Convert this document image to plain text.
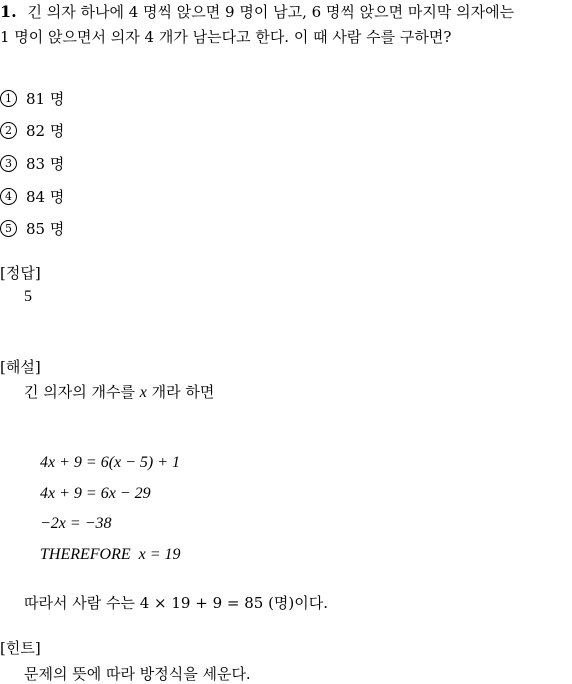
1. 긴 의자 하나에 4 명씩 앉으면 9 명이 남고, 6 명씩 앉으면 마지막 의자에는
1 명이 앉으면서 의자 4 개가 남는다고 한다. 이 때 사람 수를 구하면?
1 81 명
2 82 명
3 83 명
4 84 명
5 85 명
[정답]
5
[해설]
긴 의자의 개수를 x 개라 하면
4x + 9 = 6(x − 5) + 1
4x + 9 = 6x − 29
−2x = −38
THEREFORE x = 19
따라서 사람 수는 4 × 19 + 9 = 85 (명)이다.
[힌트]
문제의 뜻에 따라 방정식을 세운다.
